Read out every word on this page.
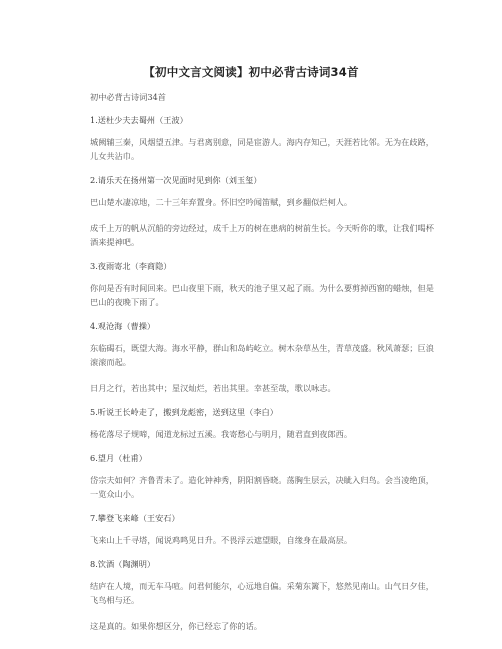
【初中文言文阅读】初中必背古诗词34首
初中必背古诗词34首
1.送杜少夫去蜀州（王波）
城阙辅三秦，风烟望五津。与君离别意，同是宦游人。海内存知己，天涯若比邻。无为在歧路，儿女共沾巾。
2.请乐天在扬州第一次见面时见到你（刘玉玺）
巴山楚水凄凉地，二十三年弃置身。怀旧空吟闻笛赋，到乡翻似烂柯人。
成千上万的帆从沉船的旁边经过，成千上万的树在患病的树前生长。今天听你的歌，让我们喝杯酒来提神吧。
3.夜雨寄北（李商隐）
你问是否有时间回来。巴山夜里下雨，秋天的池子里又起了雨。为什么要剪掉西窗的蜡烛，但是巴山的夜晚下雨了。
4.观沧海（曹操）
东临碣石，既望大海。海水平静，群山和岛屿屹立。树木杂草丛生，青草茂盛。秋风萧瑟；巨浪滚滚而起。
日月之行，若出其中；星汉灿烂，若出其里。幸甚至哉，歌以咏志。
5.听说王长岭走了，搬到龙彪密，送到这里（李白）
杨花落尽子规啼，闻道龙标过五溪。我寄愁心与明月，随君直到夜郎西。
6.望月（杜甫）
岱宗夫如何？齐鲁青未了。造化钟神秀，阴阳割昏晓。荡胸生层云，决眦入归鸟。会当凌绝顶，一览众山小。
7.攀登飞来峰（王安石）
飞来山上千寻塔，闻说鸡鸣见日升。不畏浮云遮望眼，自缘身在最高层。
8.饮酒（陶渊明）
结庐在人境，而无车马喧。问君何能尔，心远地自偏。采菊东篱下，悠然见南山。山气日夕佳，飞鸟相与还。
这是真的。如果你想区分，你已经忘了你的话。
